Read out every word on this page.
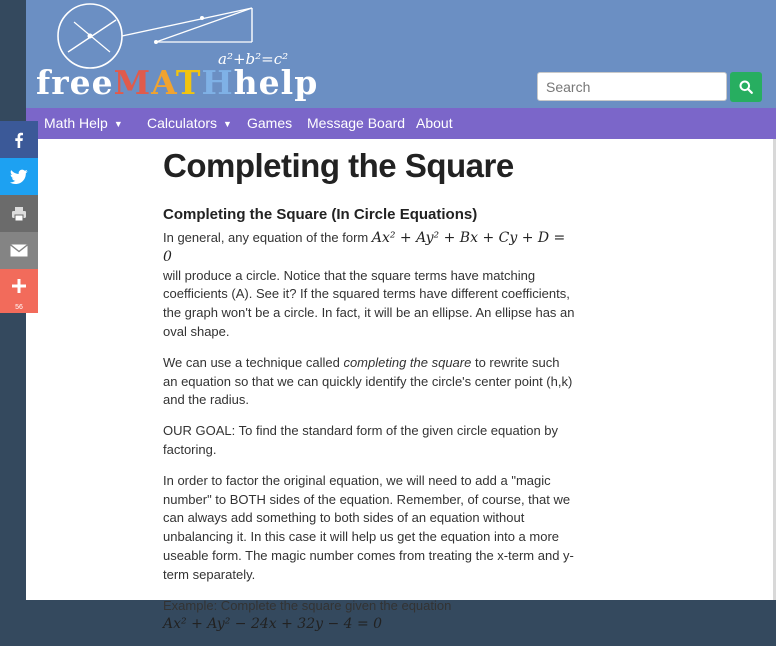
a²+b²=c²
freeMATHhelp
Search
Math Help ▼ Calculators ▼ Games Message Board About
Completing the Square
Completing the Square (In Circle Equations)

In general, any equation of the form Ax² + Ay² + Bx + Cy + D = 0
will produce a circle. Notice that the square terms have matching coefficients (A). See it? If the squared terms have different coefficients, the graph won't be a circle. In fact, it will be an ellipse. An ellipse has an oval shape.

We can use a technique called completing the square to rewrite such an equation so that we can quickly identify the circle's center point (h,k) and the radius.

OUR GOAL: To find the standard form of the given circle equation by factoring.

In order to factor the original equation, we will need to add a "magic number" to BOTH sides of the equation. Remember, of course, that we can always add something to both sides of an equation without unbalancing it. In this case it will help us get the equation into a more useable form. The magic number comes from treating the x-term and y-term separately.

Example: Complete the square given the equation
Ax² + Ay² − 24x + 32y − 4 = 0

56
